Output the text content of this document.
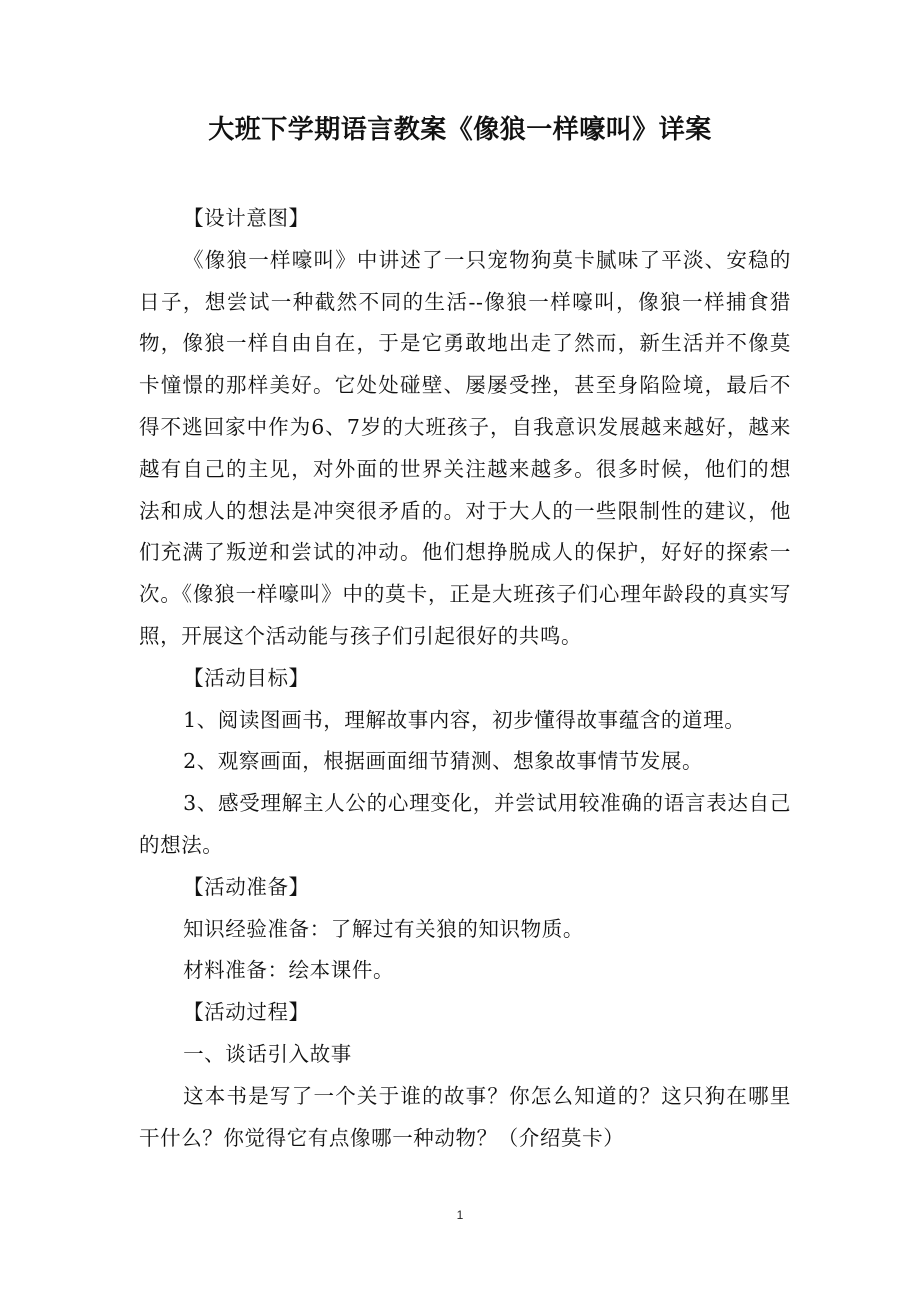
大班下学期语言教案《像狼一样嚎叫》详案

【设计意图】

《像狼一样嚎叫》中讲述了一只宠物狗莫卡腻味了平淡、安稳的日子，想尝试一种截然不同的生活--像狼一样嚎叫，像狼一样捕食猎物，像狼一样自由自在，于是它勇敢地出走了然而，新生活并不像莫卡憧憬的那样美好。它处处碰壁、屡屡受挫，甚至身陷险境，最后不得不逃回家中作为6、7岁的大班孩子，自我意识发展越来越好，越来越有自己的主见，对外面的世界关注越来越多。很多时候，他们的想法和成人的想法是冲突很矛盾的。对于大人的一些限制性的建议，他们充满了叛逆和尝试的冲动。他们想挣脱成人的保护，好好的探索一次。《像狼一样嚎叫》中的莫卡，正是大班孩子们心理年龄段的真实写照，开展这个活动能与孩子们引起很好的共鸣。

【活动目标】

1、阅读图画书，理解故事内容，初步懂得故事蕴含的道理。

2、观察画面，根据画面细节猜测、想象故事情节发展。

3、感受理解主人公的心理变化，并尝试用较准确的语言表达自己的想法。

【活动准备】

知识经验准备：了解过有关狼的知识物质。

材料准备：绘本课件。

【活动过程】

一、谈话引入故事

这本书是写了一个关于谁的故事？你怎么知道的？这只狗在哪里干什么？你觉得它有点像哪一种动物？（介绍莫卡）

1
